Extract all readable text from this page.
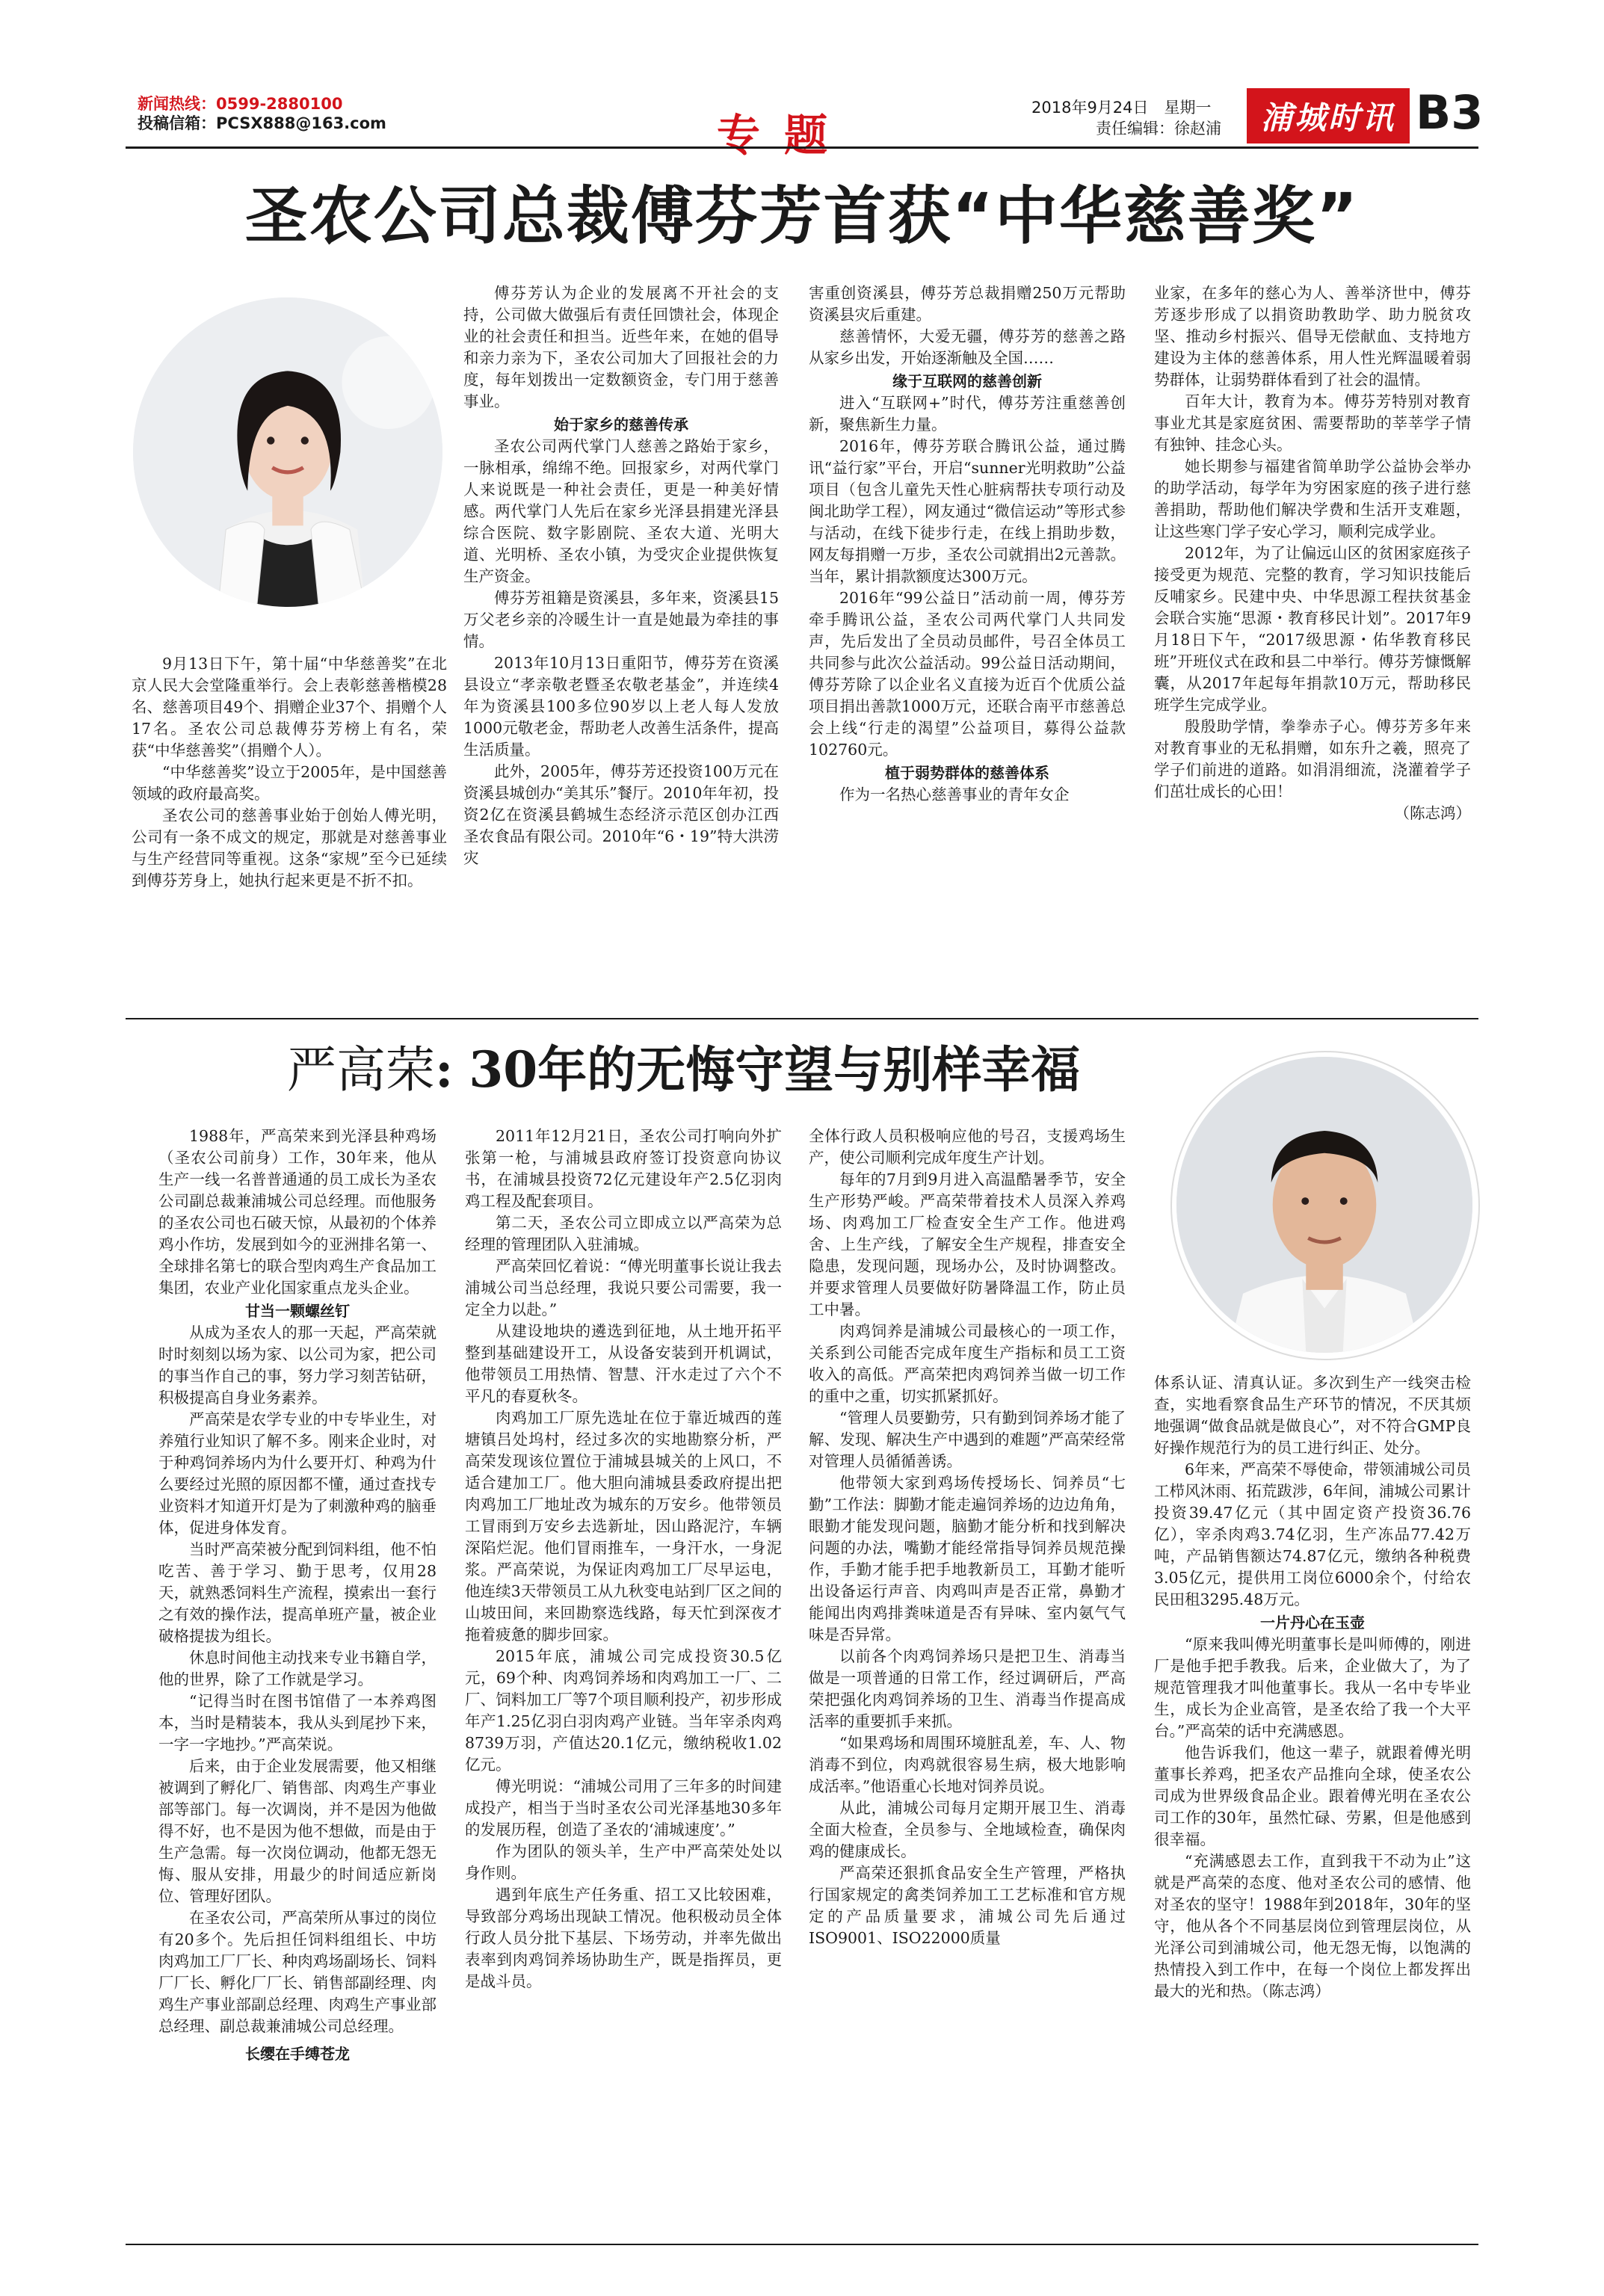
新闻热线：0599-2880100
投稿信箱：PCSX888@163.com	专题
2018年9月24日　星期一
责任编辑：徐赵浦	浦城时讯 B3
圣农公司总裁傅芬芳首获“中华慈善奖”

9月13日下午，第十届“中华慈善奖”在北京人民大会堂隆重举行。会上表彰慈善楷模28名、慈善项目49个、捐赠企业37个、捐赠个人17名。圣农公司总裁傅芬芳榜上有名，荣获“中华慈善奖”（捐赠个人）。

“中华慈善奖”设立于2005年，是中国慈善领域的政府最高奖。

圣农公司的慈善事业始于创始人傅光明，公司有一条不成文的规定，那就是对慈善事业与生产经营同等重视。这条“家规”至今已延续到傅芬芳身上，她执行起来更是不折不扣。

傅芬芳认为企业的发展离不开社会的支持，公司做大做强后有责任回馈社会，体现企业的社会责任和担当。近些年来，在她的倡导和亲力亲为下，圣农公司加大了回报社会的力度，每年划拨出一定数额资金，专门用于慈善事业。

始于家乡的慈善传承

圣农公司两代掌门人慈善之路始于家乡，一脉相承，绵绵不绝。回报家乡，对两代掌门人来说既是一种社会责任，更是一种美好情感。两代掌门人先后在家乡光泽县捐建光泽县综合医院、数字影剧院、圣农大道、光明大道、光明桥、圣农小镇，为受灾企业提供恢复生产资金。

傅芬芳祖籍是资溪县，多年来，资溪县15万父老乡亲的冷暖生计一直是她最为牵挂的事情。

2013年10月13日重阳节，傅芬芳在资溪县设立“孝亲敬老暨圣农敬老基金”，并连续4年为资溪县100多位90岁以上老人每人发放1000元敬老金，帮助老人改善生活条件，提高生活质量。

此外，2005年，傅芬芳还投资100万元在资溪县城创办“美其乐”餐厅。2010年年初，投资2亿在资溪县鹤城生态经济示范区创办江西圣农食品有限公司。2010年“6・19”特大洪涝灾

害重创资溪县，傅芬芳总裁捐赠250万元帮助资溪县灾后重建。

慈善情怀，大爱无疆，傅芬芳的慈善之路从家乡出发，开始逐渐触及全国……

缘于互联网的慈善创新

进入“互联网+”时代，傅芬芳注重慈善创新，聚焦新生力量。

2016年，傅芬芳联合腾讯公益，通过腾讯“益行家”平台，开启“sunner光明救助”公益项目（包含儿童先天性心脏病帮扶专项行动及闽北助学工程），网友通过“微信运动”等形式参与活动，在线下徒步行走，在线上捐助步数，网友每捐赠一万步，圣农公司就捐出2元善款。当年，累计捐款额度达300万元。

2016年“99公益日”活动前一周，傅芬芳牵手腾讯公益，圣农公司两代掌门人共同发声，先后发出了全员动员邮件，号召全体员工共同参与此次公益活动。99公益日活动期间，傅芬芳除了以企业名义直接为近百个优质公益项目捐出善款1000万元，还联合南平市慈善总会上线“行走的渴望”公益项目，募得公益款102760元。

植于弱势群体的慈善体系

作为一名热心慈善事业的青年女企

业家，在多年的慈心为人、善举济世中，傅芬芳逐步形成了以捐资助教助学、助力脱贫攻坚、推动乡村振兴、倡导无偿献血、支持地方建设为主体的慈善体系，用人性光辉温暖着弱势群体，让弱势群体看到了社会的温情。

百年大计，教育为本。傅芬芳特别对教育事业尤其是家庭贫困、需要帮助的莘莘学子情有独钟、挂念心头。

她长期参与福建省简单助学公益协会举办的助学活动，每学年为穷困家庭的孩子进行慈善捐助，帮助他们解决学费和生活开支难题，让这些寒门学子安心学习，顺利完成学业。

2012年，为了让偏远山区的贫困家庭孩子接受更为规范、完整的教育，学习知识技能后反哺家乡。民建中央、中华思源工程扶贫基金会联合实施“思源・教育移民计划”。2017年9月18日下午，“2017级思源・佑华教育移民班”开班仪式在政和县二中举行。傅芬芳慷慨解囊，从2017年起每年捐款10万元，帮助移民班学生完成学业。

殷殷助学情，拳拳赤子心。傅芬芳多年来对教育事业的无私捐赠，如东升之羲，照亮了学子们前进的道路。如涓涓细流，浇灌着学子们茁壮成长的心田！

（陈志鸿）
严高荣: 30年的无悔守望与别样幸福

1988年，严高荣来到光泽县种鸡场（圣农公司前身）工作，30年来，他从生产一线一名普普通通的员工成长为圣农公司副总裁兼浦城公司总经理。而他服务的圣农公司也石破天惊，从最初的个体养鸡小作坊，发展到如今的亚洲排名第一、全球排名第七的联合型肉鸡生产食品加工集团，农业产业化国家重点龙头企业。

甘当一颗螺丝钉

从成为圣农人的那一天起，严高荣就时时刻刻以场为家、以公司为家，把公司的事当作自己的事，努力学习刻苦钻研，积极提高自身业务素养。

严高荣是农学专业的中专毕业生，对养殖行业知识了解不多。刚来企业时，对于种鸡饲养场内为什么要开灯、种鸡为什么要经过光照的原因都不懂，通过查找专业资料才知道开灯是为了刺激种鸡的脑垂体，促进身体发育。

当时严高荣被分配到饲料组，他不怕吃苦、善于学习、勤于思考，仅用28天，就熟悉饲料生产流程，摸索出一套行之有效的操作法，提高单班产量，被企业破格提拔为组长。

休息时间他主动找来专业书籍自学，他的世界，除了工作就是学习。

“记得当时在图书馆借了一本养鸡图本，当时是精装本，我从头到尾抄下来，一字一字地抄。”严高荣说。

后来，由于企业发展需要，他又相继被调到了孵化厂、销售部、肉鸡生产事业部等部门。每一次调岗，并不是因为他做得不好，也不是因为他不想做，而是由于生产急需。每一次岗位调动，他都无怨无悔、服从安排，用最少的时间适应新岗位、管理好团队。

在圣农公司，严高荣所从事过的岗位有20多个。先后担任饲料组组长、中坊肉鸡加工厂厂长、种肉鸡场副场长、饲料厂厂长、孵化厂厂长、销售部副经理、肉鸡生产事业部副总经理、肉鸡生产事业部总经理、副总裁兼浦城公司总经理。

长缨在手缚苍龙

2011年12月21日，圣农公司打响向外扩张第一枪，与浦城县政府签订投资意向协议书，在浦城县投资72亿元建设年产2.5亿羽肉鸡工程及配套项目。

第二天，圣农公司立即成立以严高荣为总经理的管理团队入驻浦城。

严高荣回忆着说：“傅光明董事长说让我去浦城公司当总经理，我说只要公司需要，我一定全力以赴。”

从建设地块的遴选到征地，从土地开拓平整到基础建设开工，从设备安装到开机调试，他带领员工用热情、智慧、汗水走过了六个不平凡的春夏秋冬。

肉鸡加工厂原先选址在位于靠近城西的莲塘镇吕处坞村，经过多次的实地勘察分析，严高荣发现该位置位于浦城县城关的上风口，不适合建加工厂。他大胆向浦城县委政府提出把肉鸡加工厂地址改为城东的万安乡。他带领员工冒雨到万安乡去选新址，因山路泥泞，车辆深陷烂泥。他们冒雨推车，一身汗水，一身泥浆。严高荣说，为保证肉鸡加工厂尽早运电，他连续3天带领员工从九秋变电站到厂区之间的山坡田间，来回勘察选线路，每天忙到深夜才拖着疲惫的脚步回家。

2015年底，浦城公司完成投资30.5亿元，69个种、肉鸡饲养场和肉鸡加工一厂、二厂、饲料加工厂等7个项目顺利投产，初步形成年产1.25亿羽白羽肉鸡产业链。当年宰杀肉鸡8739万羽，产值达20.1亿元，缴纳税收1.02亿元。

傅光明说：“浦城公司用了三年多的时间建成投产，相当于当时圣农公司光泽基地30多年的发展历程，创造了圣农的‘浦城速度’。”

作为团队的领头羊，生产中严高荣处处以身作则。

遇到年底生产任务重、招工又比较困难，导致部分鸡场出现缺工情况。他积极动员全体行政人员分批下基层、下场劳动，并率先做出表率到肉鸡饲养场协助生产，既是指挥员，更是战斗员。

全体行政人员积极响应他的号召，支援鸡场生产，使公司顺利完成年度生产计划。

每年的7月到9月进入高温酷暑季节，安全生产形势严峻。严高荣带着技术人员深入养鸡场、肉鸡加工厂检查安全生产工作。他进鸡舍、上生产线，了解安全生产规程，排查安全隐患，发现问题，现场办公，及时协调整改。并要求管理人员要做好防暑降温工作，防止员工中暑。

肉鸡饲养是浦城公司最核心的一项工作，关系到公司能否完成年度生产指标和员工工资收入的高低。严高荣把肉鸡饲养当做一切工作的重中之重，切实抓紧抓好。

“管理人员要勤劳，只有勤到饲养场才能了解、发现、解决生产中遇到的难题”严高荣经常对管理人员循循善诱。

他带领大家到鸡场传授场长、饲养员“七勤”工作法：脚勤才能走遍饲养场的边边角角，眼勤才能发现问题，脑勤才能分析和找到解决问题的办法，嘴勤才能经常指导饲养员规范操作，手勤才能手把手地教新员工，耳勤才能听出设备运行声音、肉鸡叫声是否正常，鼻勤才能闻出肉鸡排粪味道是否有异味、室内氨气气味是否异常。

以前各个肉鸡饲养场只是把卫生、消毒当做是一项普通的日常工作，经过调研后，严高荣把强化肉鸡饲养场的卫生、消毒当作提高成活率的重要抓手来抓。

“如果鸡场和周围环境脏乱差，车、人、物消毒不到位，肉鸡就很容易生病，极大地影响成活率。”他语重心长地对饲养员说。

从此，浦城公司每月定期开展卫生、消毒全面大检查，全员参与、全地域检查，确保肉鸡的健康成长。

严高荣还狠抓食品安全生产管理，严格执行国家规定的禽类饲养加工工艺标准和官方规定的产品质量要求，浦城公司先后通过ISO9001、ISO22000质量

体系认证、清真认证。多次到生产一线突击检查，实地看察食品生产环节的情况，不厌其烦地强调“做食品就是做良心”，对不符合GMP良好操作规范行为的员工进行纠正、处分。

6年来，严高荣不辱使命，带领浦城公司员工栉风沐雨、拓荒跋涉，6年间，浦城公司累计投资39.47亿元（其中固定资产投资36.76亿），宰杀肉鸡3.74亿羽，生产冻品77.42万吨，产品销售额达74.87亿元，缴纳各种税费3.05亿元，提供用工岗位6000余个，付给农民田租3295.48万元。

一片丹心在玉壶

“原来我叫傅光明董事长是叫师傅的，刚进厂是他手把手教我。后来，企业做大了，为了规范管理我才叫他董事长。我从一名中专毕业生，成长为企业高管，是圣农给了我一个大平台。”严高荣的话中充满感恩。

他告诉我们，他这一辈子，就跟着傅光明董事长养鸡，把圣农产品推向全球，使圣农公司成为世界级食品企业。跟着傅光明在圣农公司工作的30年，虽然忙碌、劳累，但是他感到很幸福。

“充满感恩去工作，直到我干不动为止”这就是严高荣的态度、他对圣农公司的感情、他对圣农的坚守！1988年到2018年，30年的坚守，他从各个不同基层岗位到管理层岗位，从光泽公司到浦城公司，他无怨无悔，以饱满的热情投入到工作中，在每一个岗位上都发挥出最大的光和热。（陈志鸿）
